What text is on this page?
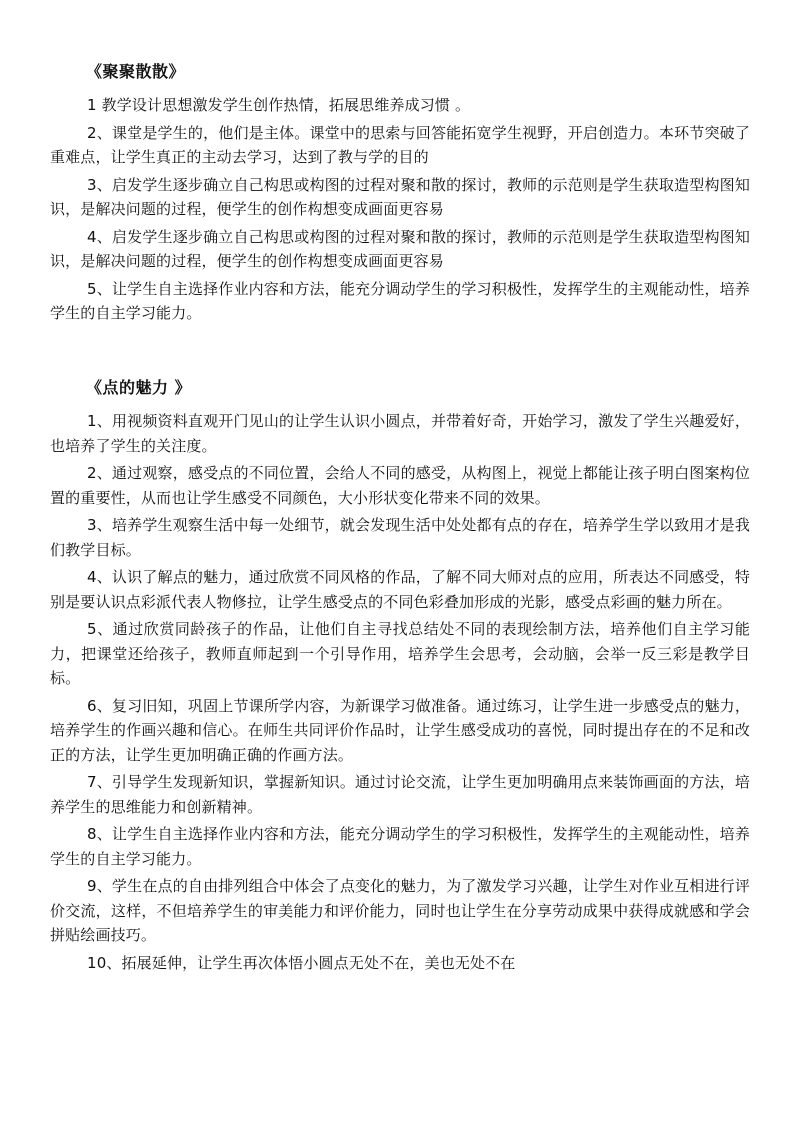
《聚聚散散》

1 教学设计思想激发学生创作热情，拓展思维养成习惯 。

2、课堂是学生的，他们是主体。课堂中的思索与回答能拓宽学生视野，开启创造力。本环节突破了重难点，让学生真正的主动去学习，达到了教与学的目的

3、启发学生逐步确立自己构思或构图的过程对聚和散的探讨，教师的示范则是学生获取造型构图知识，是解决问题的过程，便学生的创作构想变成画面更容易

4、启发学生逐步确立自己构思或构图的过程对聚和散的探讨，教师的示范则是学生获取造型构图知识，是解决问题的过程，便学生的创作构想变成画面更容易

5、让学生自主选择作业内容和方法，能充分调动学生的学习积极性，发挥学生的主观能动性，培养学生的自主学习能力。

《点的魅力 》

1、用视频资料直观开门见山的让学生认识小圆点，并带着好奇，开始学习，激发了学生兴趣爱好，也培养了学生的关注度。

2、通过观察，感受点的不同位置，会给人不同的感受，从构图上，视觉上都能让孩子明白图案构位置的重要性，从而也让学生感受不同颜色，大小形状变化带来不同的效果。

3、培养学生观察生活中每一处细节，就会发现生活中处处都有点的存在，培养学生学以致用才是我们教学目标。

4、认识了解点的魅力，通过欣赏不同风格的作品，了解不同大师对点的应用，所表达不同感受，特别是要认识点彩派代表人物修拉，让学生感受点的不同色彩叠加形成的光影，感受点彩画的魅力所在。

5、通过欣赏同龄孩子的作品，让他们自主寻找总结处不同的表现绘制方法，培养他们自主学习能力，把课堂还给孩子，教师直师起到一个引导作用，培养学生会思考，会动脑，会举一反三彩是教学目标。

6、复习旧知，巩固上节课所学内容，为新课学习做准备。通过练习，让学生进一步感受点的魅力，培养学生的作画兴趣和信心。在师生共同评价作品时，让学生感受成功的喜悦，同时提出存在的不足和改正的方法，让学生更加明确正确的作画方法。

7、引导学生发现新知识，掌握新知识。通过讨论交流，让学生更加明确用点来装饰画面的方法，培养学生的思维能力和创新精神。

8、让学生自主选择作业内容和方法，能充分调动学生的学习积极性，发挥学生的主观能动性，培养学生的自主学习能力。

9、学生在点的自由排列组合中体会了点变化的魅力，为了激发学习兴趣，让学生对作业互相进行评价交流，这样，不但培养学生的审美能力和评价能力，同时也让学生在分享劳动成果中获得成就感和学会拼贴绘画技巧。

10、拓展延伸，让学生再次体悟小圆点无处不在，美也无处不在
